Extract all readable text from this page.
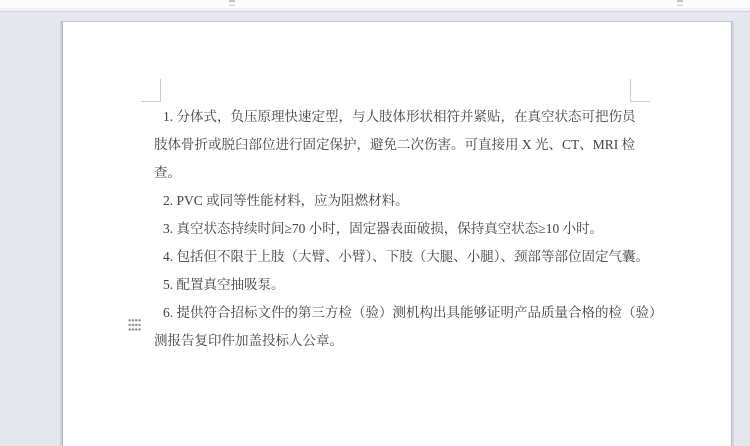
1. 分体式，负压原理快速定型，与人肢体形状相符并紧贴，在真空状态可把伤员
肢体骨折或脱臼部位进行固定保护，避免二次伤害。可直接用 X 光、CT、MRI 检
查。
2. PVC 或同等性能材料，应为阻燃材料。
3. 真空状态持续时间≥70 小时，固定器表面破损，保持真空状态≥10 小时。
4. 包括但不限于上肢（大臂、小臂）、下肢（大腿、小腿）、颈部等部位固定气囊。
5. 配置真空抽吸泵。
6. 提供符合招标文件的第三方检（验）测机构出具能够证明产品质量合格的检（验）
测报告复印件加盖投标人公章。
